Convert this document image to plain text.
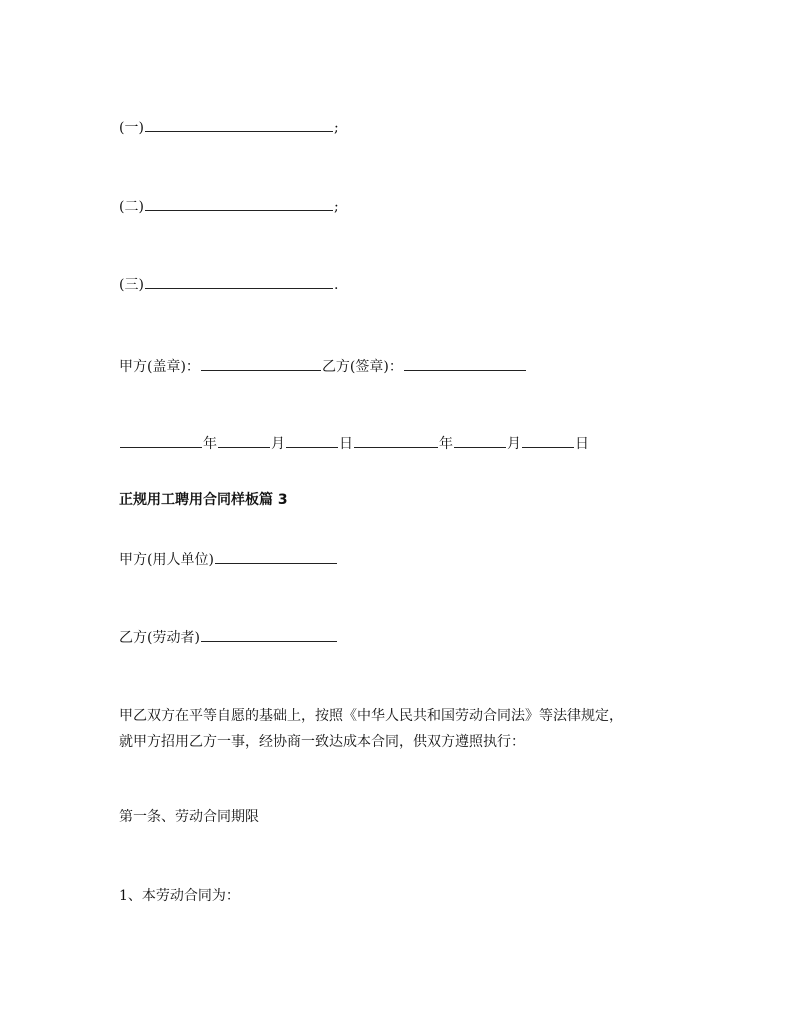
(一)	;
(二)	;
(三)	.
甲方(盖章)：	乙方(签章)：
年	月	日	年	月	日
正规用工聘用合同样板篇 3
甲方(用人单位)
乙方(劳动者)
甲乙双方在平等自愿的基础上，按照《中华人民共和国劳动合同法》等法律规定，
就甲方招用乙方一事，经协商一致达成本合同，供双方遵照执行：
第一条、劳动合同期限
1、本劳动合同为：
